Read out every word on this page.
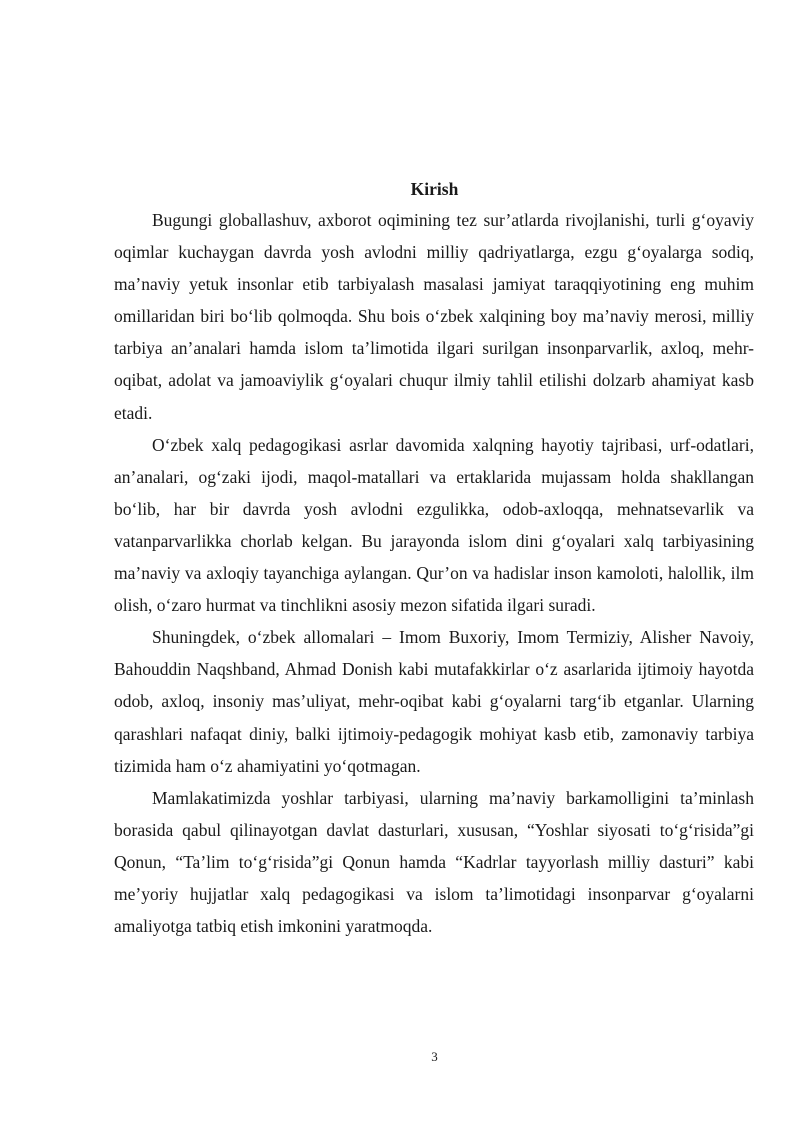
Kirish

Bugungi globallashuv, axborot oqimining tez sur’atlarda rivojlanishi, turli g‘oyaviy oqimlar kuchaygan davrda yosh avlodni milliy qadriyatlarga, ezgu g‘oyalarga sodiq, ma’naviy yetuk insonlar etib tarbiyalash masalasi jamiyat taraqqiyotining eng muhim omillaridan biri bo‘lib qolmoqda. Shu bois o‘zbek xalqining boy ma’naviy merosi, milliy tarbiya an’analari hamda islom ta’limotida ilgari surilgan insonparvarlik, axloq, mehr-oqibat, adolat va jamoaviylik g‘oyalari chuqur ilmiy tahlil etilishi dolzarb ahamiyat kasb etadi.

O‘zbek xalq pedagogikasi asrlar davomida xalqning hayotiy tajribasi, urf-odatlari, an’analari, og‘zaki ijodi, maqol-matallari va ertaklarida mujassam holda shakllangan bo‘lib, har bir davrda yosh avlodni ezgulikka, odob-axloqqa, mehnatsevarlik va vatanparvarlikka chorlab kelgan. Bu jarayonda islom dini g‘oyalari xalq tarbiyasining ma’naviy va axloqiy tayanchiga aylangan. Qur’on va hadislar inson kamoloti, halollik, ilm olish, o‘zaro hurmat va tinchlikni asosiy mezon sifatida ilgari suradi.

Shuningdek, o‘zbek allomalari – Imom Buxoriy, Imom Termiziy, Alisher Navoiy, Bahouddin Naqshband, Ahmad Donish kabi mutafakkirlar o‘z asarlarida ijtimoiy hayotda odob, axloq, insoniy mas’uliyat, mehr-oqibat kabi g‘oyalarni targ‘ib etganlar. Ularning qarashlari nafaqat diniy, balki ijtimoiy-pedagogik mohiyat kasb etib, zamonaviy tarbiya tizimida ham o‘z ahamiyatini yo‘qotmagan.

Mamlakatimizda yoshlar tarbiyasi, ularning ma’naviy barkamolligini ta’minlash borasida qabul qilinayotgan davlat dasturlari, xususan, “Yoshlar siyosati to‘g‘risida”gi Qonun, “Ta’lim to‘g‘risida”gi Qonun hamda “Kadrlar tayyorlash milliy dasturi” kabi me’yoriy hujjatlar xalq pedagogikasi va islom ta’limotidagi insonparvar g‘oyalarni amaliyotga tatbiq etish imkonini yaratmoqda.

3
